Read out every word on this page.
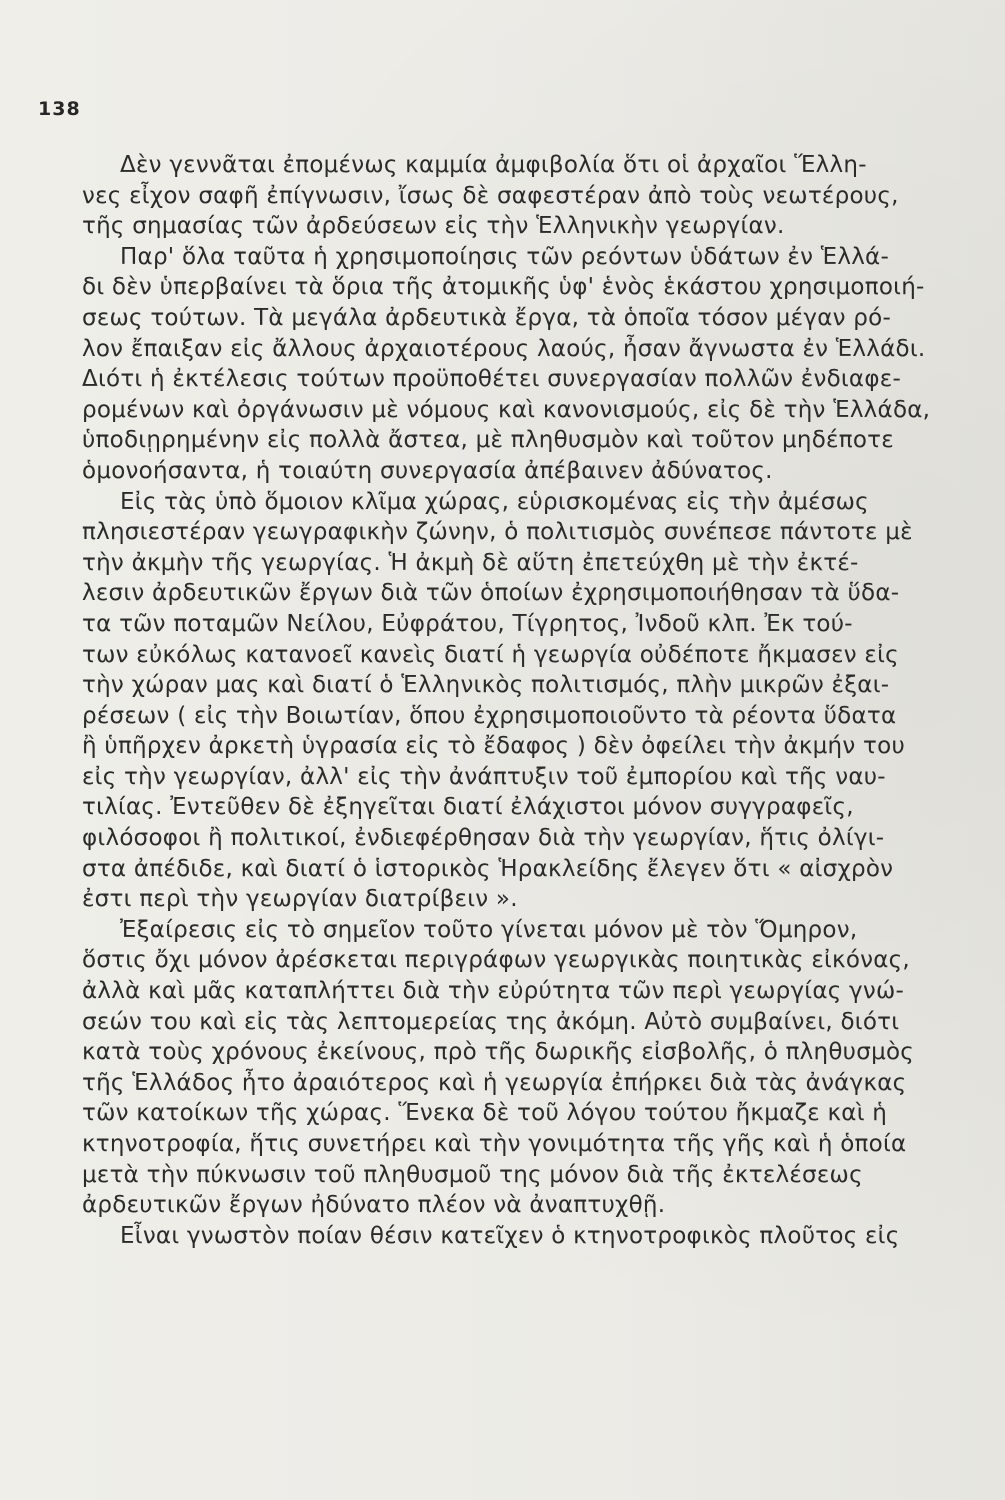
138
Δὲν γεννᾶται ἐπομένως καμμία ἀμφιβολία ὅτι οἱ ἀρχαῖοι Ἕλλη-
νες εἶχον σαφῆ ἐπίγνωσιν, ἴσως δὲ σαφεστέραν ἀπὸ τοὺς νεωτέρους,
τῆς σημασίας τῶν ἀρδεύσεων εἰς τὴν Ἑλληνικὴν γεωργίαν.
Παρ' ὅλα ταῦτα ἡ χρησιμοποίησις τῶν ρεόντων ὑδάτων ἐν Ἑλλά-
δι δὲν ὑπερβαίνει τὰ ὅρια τῆς ἀτομικῆς ὑφ' ἑνὸς ἑκάστου χρησιμοποιή-
σεως τούτων. Τὰ μεγάλα ἀρδευτικὰ ἔργα, τὰ ὁποῖα τόσον μέγαν ρό-
λον ἔπαιξαν εἰς ἄλλους ἀρχαιοτέρους λαούς, ἦσαν ἄγνωστα ἐν Ἑλλάδι.
Διότι ἡ ἐκτέλεσις τούτων προϋποθέτει συνεργασίαν πολλῶν ἐνδιαφε-
ρομένων καὶ ὀργάνωσιν μὲ νόμους καὶ κανονισμούς, εἰς δὲ τὴν Ἑλλάδα,
ὑποδιῃρημένην εἰς πολλὰ ἄστεα, μὲ πληθυσμὸν καὶ τοῦτον μηδέποτε
ὁμονοήσαντα, ἡ τοιαύτη συνεργασία ἀπέβαινεν ἀδύνατος.
Εἰς τὰς ὑπὸ ὅμοιον κλῖμα χώρας, εὑρισκομένας εἰς τὴν ἀμέσως
πλησιεστέραν γεωγραφικὴν ζώνην, ὁ πολιτισμὸς συνέπεσε πάντοτε μὲ
τὴν ἀκμὴν τῆς γεωργίας. Ἡ ἀκμὴ δὲ αὕτη ἐπετεύχθη μὲ τὴν ἐκτέ-
λεσιν ἀρδευτικῶν ἔργων διὰ τῶν ὁποίων ἐχρησιμοποιήθησαν τὰ ὕδα-
τα τῶν ποταμῶν Νείλου, Εὐφράτου, Τίγρητος, Ἰνδοῦ κλπ. Ἐκ τού-
των εὐκόλως κατανοεῖ κανεὶς διατί ἡ γεωργία οὐδέποτε ἤκμασεν εἰς
τὴν χώραν μας καὶ διατί ὁ Ἑλληνικὸς πολιτισμός, πλὴν μικρῶν ἐξαι-
ρέσεων ( εἰς τὴν Βοιωτίαν, ὅπου ἐχρησιμοποιοῦντο τὰ ρέοντα ὕδατα
ἢ ὑπῆρχεν ἀρκετὴ ὑγρασία εἰς τὸ ἔδαφος ) δὲν ὀφείλει τὴν ἀκμήν του
εἰς τὴν γεωργίαν, ἀλλ' εἰς τὴν ἀνάπτυξιν τοῦ ἐμπορίου καὶ τῆς ναυ-
τιλίας. Ἐντεῦθεν δὲ ἐξηγεῖται διατί ἐλάχιστοι μόνον συγγραφεῖς,
φιλόσοφοι ἢ πολιτικοί, ἐνδιεφέρθησαν διὰ τὴν γεωργίαν, ἥτις ὀλίγι-
στα ἀπέδιδε, καὶ διατί ὁ ἱστορικὸς Ἡρακλείδης ἔλεγεν ὅτι « αἰσχρὸν
ἐστι περὶ τὴν γεωργίαν διατρίβειν ».
Ἐξαίρεσις εἰς τὸ σημεῖον τοῦτο γίνεται μόνον μὲ τὸν Ὅμηρον,
ὅστις ὄχι μόνον ἀρέσκεται περιγράφων γεωργικὰς ποιητικὰς εἰκόνας,
ἀλλὰ καὶ μᾶς καταπλήττει διὰ τὴν εὐρύτητα τῶν περὶ γεωργίας γνώ-
σεών του καὶ εἰς τὰς λεπτομερείας της ἀκόμη. Αὐτὸ συμβαίνει, διότι
κατὰ τοὺς χρόνους ἐκείνους, πρὸ τῆς δωρικῆς εἰσβολῆς, ὁ πληθυσμὸς
τῆς Ἑλλάδος ἦτο ἀραιότερος καὶ ἡ γεωργία ἐπήρκει διὰ τὰς ἀνάγκας
τῶν κατοίκων τῆς χώρας. Ἕνεκα δὲ τοῦ λόγου τούτου ἤκμαζε καὶ ἡ
κτηνοτροφία, ἥτις συνετήρει καὶ τὴν γονιμότητα τῆς γῆς καὶ ἡ ὁποία
μετὰ τὴν πύκνωσιν τοῦ πληθυσμοῦ της μόνον διὰ τῆς ἐκτελέσεως
ἀρδευτικῶν ἔργων ἠδύνατο πλέον νὰ ἀναπτυχθῇ.
Εἶναι γνωστὸν ποίαν θέσιν κατεῖχεν ὁ κτηνοτροφικὸς πλοῦτος εἰς
